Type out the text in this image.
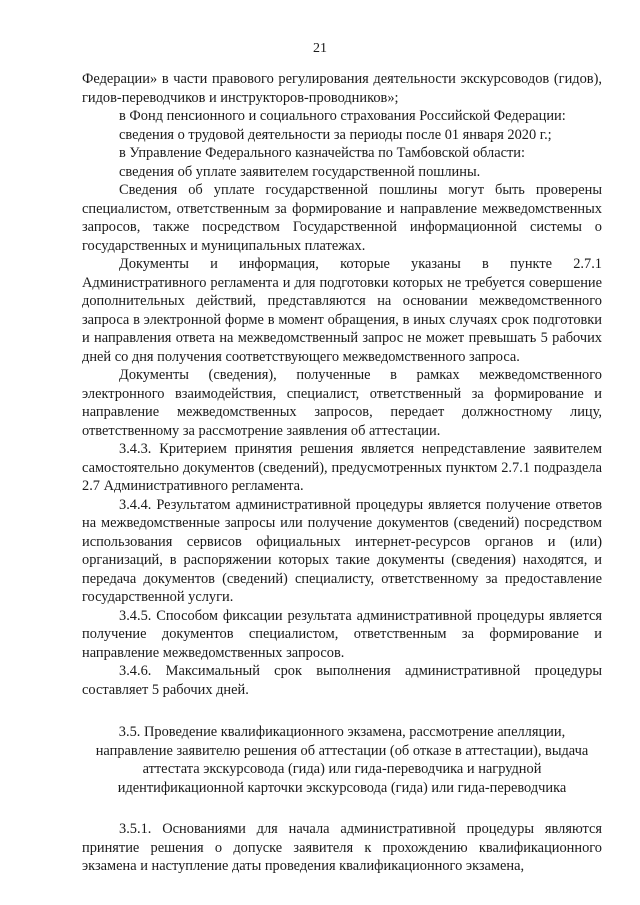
21

Федерации» в части правового регулирования деятельности экскурсоводов (гидов), гидов-переводчиков и инструкторов-проводников»;

в Фонд пенсионного и социального страхования Российской Федерации:

сведения о трудовой деятельности за периоды после 01 января 2020 г.;

в Управление Федерального казначейства по Тамбовской области:

сведения об уплате заявителем государственной пошлины.

Сведения об уплате государственной пошлины могут быть проверены специалистом, ответственным за формирование и направление межведомственных запросов, также посредством Государственной информационной системы о государственных и муниципальных платежах.

Документы и информация, которые указаны в пункте 2.7.1 Административного регламента и для подготовки которых не требуется совершение дополнительных действий, представляются на основании межведомственного запроса в электронной форме в момент обращения, в иных случаях срок подготовки и направления ответа на межведомственный запрос не может превышать 5 рабочих дней со дня получения соответствующего межведомственного запроса.

Документы (сведения), полученные в рамках межведомственного электронного взаимодействия, специалист, ответственный за формирование и направление межведомственных запросов, передает должностному лицу, ответственному за рассмотрение заявления об аттестации.

3.4.3. Критерием принятия решения является непредставление заявителем самостоятельно документов (сведений), предусмотренных пунктом 2.7.1 подраздела 2.7 Административного регламента.

3.4.4. Результатом административной процедуры является получение ответов на межведомственные запросы или получение документов (сведений) посредством использования сервисов официальных интернет-ресурсов органов и (или) организаций, в распоряжении которых такие документы (сведения) находятся, и передача документов (сведений) специалисту, ответственному за предоставление государственной услуги.

3.4.5. Способом фиксации результата административной процедуры является получение документов специалистом, ответственным за формирование и направление межведомственных запросов.

3.4.6. Максимальный срок выполнения административной процедуры составляет 5 рабочих дней.

3.5. Проведение квалификационного экзамена, рассмотрение апелляции, направление заявителю решения об аттестации (об отказе в аттестации), выдача аттестата экскурсовода (гида) или гида-переводчика и нагрудной идентификационной карточки экскурсовода (гида) или гида-переводчика

3.5.1. Основаниями для начала административной процедуры являются принятие решения о допуске заявителя к прохождению квалификационного экзамена и наступление даты проведения квалификационного экзамена,
